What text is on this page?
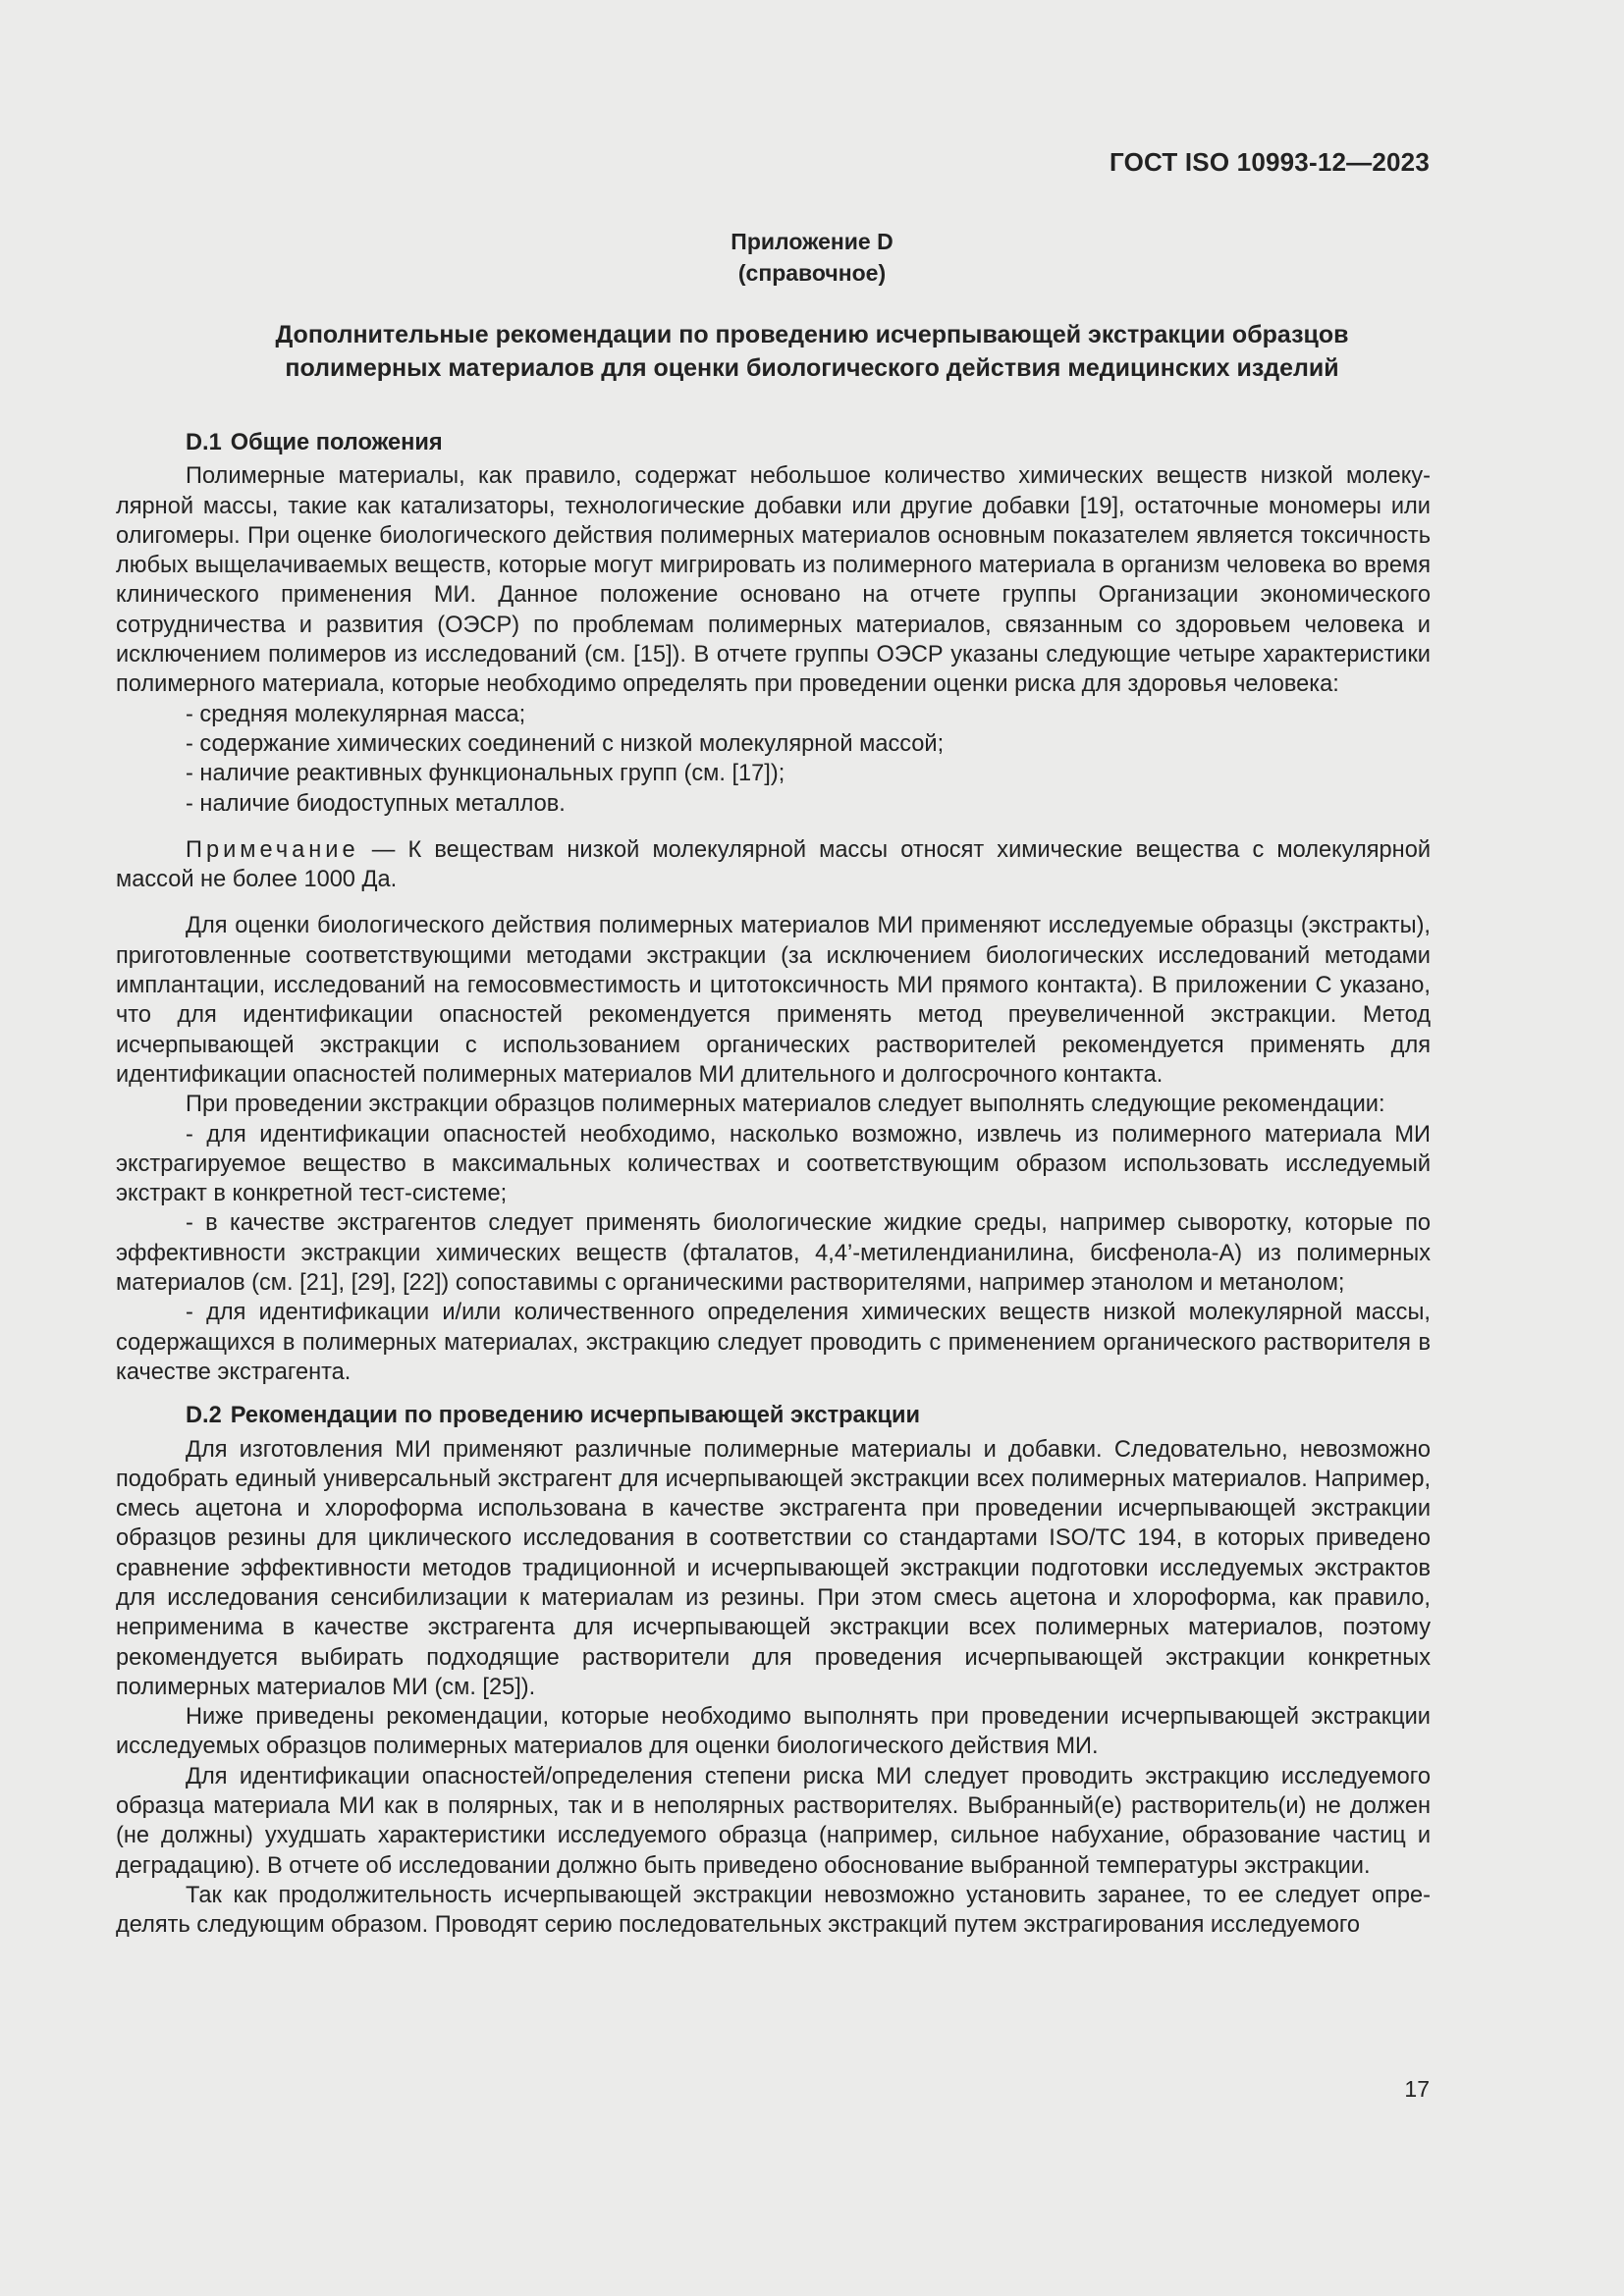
ГОСТ ISO 10993-12—2023
Приложение D
(справочное)
Дополнительные рекомендации по проведению исчерпывающей экстракции образцов
полимерных материалов для оценки биологического действия медицинских изделий

D.1 Общие положения

Полимерные материалы, как правило, содержат небольшое количество химических веществ низкой молекулярной массы, такие как катализаторы, технологические добавки или другие добавки [19], остаточные мономеры или олигомеры. При оценке биологического действия полимерных материалов основным показателем является токсичность любых выщелачиваемых веществ, которые могут мигрировать из полимерного материала в организм человека во время клинического применения МИ. Данное положение основано на отчете группы Организации экономического сотрудничества и развития (ОЭСР) по проблемам полимерных материалов, связанным со здоровьем человека и исключением полимеров из исследований (см. [15]). В отчете группы ОЭСР указаны следующие четыре характеристики полимерного материала, которые необходимо определять при проведении оценки риска для здоровья человека:

- средняя молекулярная масса;

- содержание химических соединений с низкой молекулярной массой;

- наличие реактивных функциональных групп (см. [17]);

- наличие биодоступных металлов.

Примечание — К веществам низкой молекулярной массы относят химические вещества с молекулярной массой не более 1000 Да.

Для оценки биологического действия полимерных материалов МИ применяют исследуемые образцы (экстракты), приготовленные соответствующими методами экстракции (за исключением биологических исследований методами имплантации, исследований на гемосовместимость и цитотоксичность МИ прямого контакта). В приложении С указано, что для идентификации опасностей рекомендуется применять метод преувеличенной экстракции. Метод исчерпывающей экстракции с использованием органических растворителей рекомендуется применять для идентификации опасностей полимерных материалов МИ длительного и долгосрочного контакта.

При проведении экстракции образцов полимерных материалов следует выполнять следующие рекомендации:

- для идентификации опасностей необходимо, насколько возможно, извлечь из полимерного материала МИ экстрагируемое вещество в максимальных количествах и соответствующим образом использовать исследуемый экстракт в конкретной тест-системе;

- в качестве экстрагентов следует применять биологические жидкие среды, например сыворотку, которые по эффективности экстракции химических веществ (фталатов, 4,4’-метилендианилина, бисфенола-А) из полимерных материалов (см. [21], [29], [22]) сопоставимы с органическими растворителями, например этанолом и метанолом;

- для идентификации и/или количественного определения химических веществ низкой молекулярной массы, содержащихся в полимерных материалах, экстракцию следует проводить с применением органического растворителя в качестве экстрагента.

D.2 Рекомендации по проведению исчерпывающей экстракции

Для изготовления МИ применяют различные полимерные материалы и добавки. Следовательно, невозможно подобрать единый универсальный экстрагент для исчерпывающей экстракции всех полимерных материалов. Например, смесь ацетона и хлороформа использована в качестве экстрагента при проведении исчерпывающей экстракции образцов резины для циклического исследования в соответствии со стандартами ISO/TC 194, в которых приведено сравнение эффективности методов традиционной и исчерпывающей экстракции подготовки исследуемых экстрактов для исследования сенсибилизации к материалам из резины. При этом смесь ацетона и хлороформа, как правило, неприменима в качестве экстрагента для исчерпывающей экстракции всех полимерных материалов, поэтому рекомендуется выбирать подходящие растворители для проведения исчерпывающей экстракции конкретных полимерных материалов МИ (см. [25]).

Ниже приведены рекомендации, которые необходимо выполнять при проведении исчерпывающей экстракции исследуемых образцов полимерных материалов для оценки биологического действия МИ.

Для идентификации опасностей/определения степени риска МИ следует проводить экстракцию исследуемого образца материала МИ как в полярных, так и в неполярных растворителях. Выбранный(е) растворитель(и) не должен (не должны) ухудшать характеристики исследуемого образца (например, сильное набухание, образование частиц и деградацию). В отчете об исследовании должно быть приведено обоснование выбранной температуры экстракции.

Так как продолжительность исчерпывающей экстракции невозможно установить заранее, то ее следует определять следующим образом. Проводят серию последовательных экстракций путем экстрагирования исследуемого

17
